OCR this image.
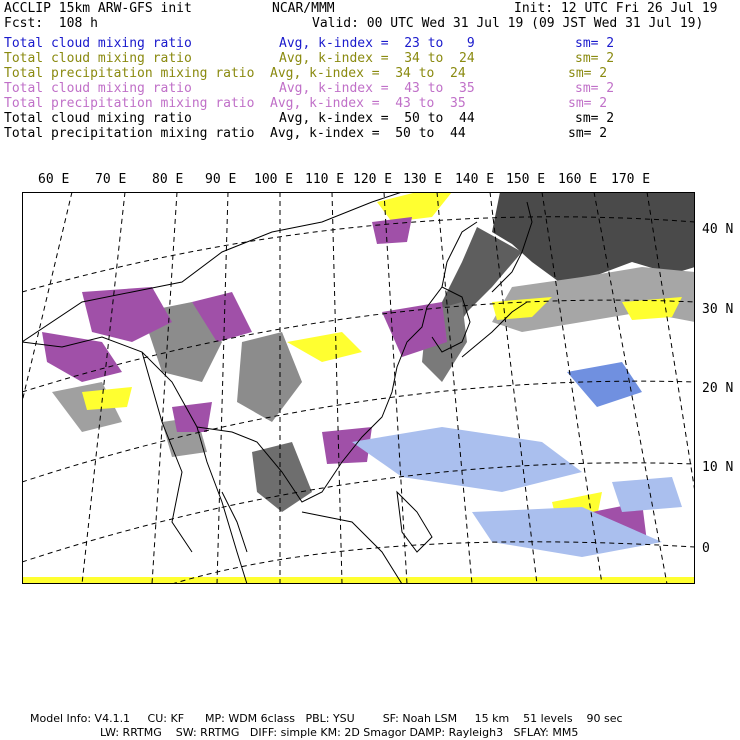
ACCLIP 15km ARW-GFS init	NCAR/MMM	Init: 12 UTC Fri 26 Jul 19
Fcst:  108 h	Valid: 00 UTC Wed 31 Jul 19 (09 JST Wed 31 Jul 19)
Total cloud mixing ratio	Avg, k-index =  23 to   9	sm= 2
Total cloud mixing ratio	Avg, k-index =  34 to  24	sm= 2
Total precipitation mixing ratio Avg, k-index =  34 to  24	sm= 2
Total cloud mixing ratio	Avg, k-index =  43 to  35	sm= 2
Total precipitation mixing ratio Avg, k-index =  43 to  35	sm= 2
Total cloud mixing ratio	Avg, k-index =  50 to  44	sm= 2
Total precipitation mixing ratio Avg, k-index =  50 to  44	sm= 2
60 E 70 E 80 E 90 E 100 E 110 E 120 E 130 E 140 E 150 E 160 E 170 E
40 N
30 N
20 N
10 N
0
Model Info: V4.1.1     CU: KF      MP: WDM 6class   PBL: YSU        SF: Noah LSM     15 km    51 levels    90 sec
LW: RRTMG    SW: RRTMG   DIFF: simple KM: 2D Smagor DAMP: Rayleigh3   SFLAY: MM5
